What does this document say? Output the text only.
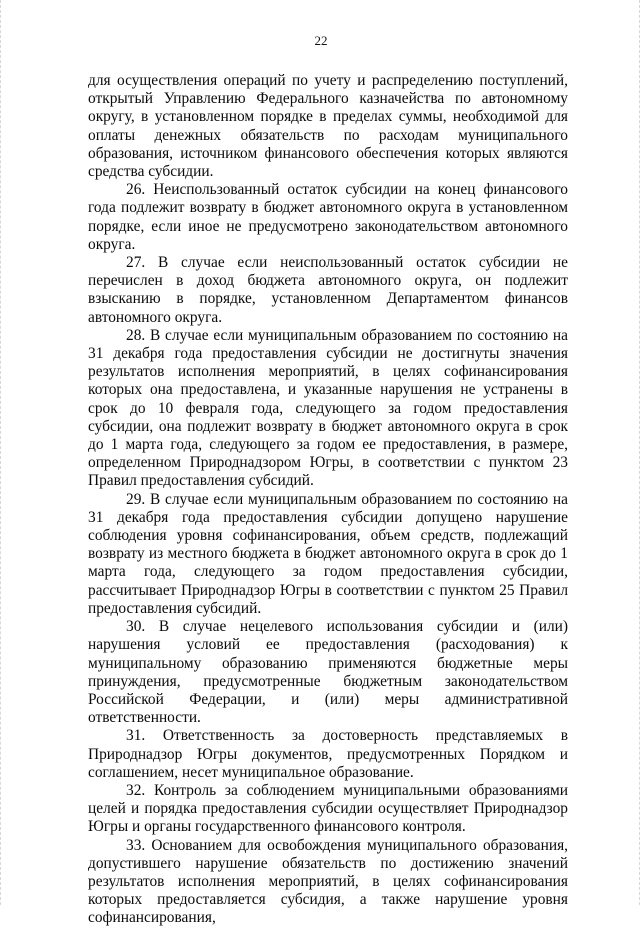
22

для осуществления операций по учету и распределению поступлений, открытый Управлению Федерального казначейства по автономному округу, в установленном порядке в пределах суммы, необходимой для оплаты денежных обязательств по расходам муниципального образования, источником финансового обеспечения которых являются средства субсидии.

26. Неиспользованный остаток субсидии на конец финансового года подлежит возврату в бюджет автономного округа в установленном порядке, если иное не предусмотрено законодательством автономного округа.

27. В случае если неиспользованный остаток субсидии не перечислен в доход бюджета автономного округа, он подлежит взысканию в порядке, установленном Департаментом финансов автономного округа.

28. В случае если муниципальным образованием по состоянию на 31 декабря года предоставления субсидии не достигнуты значения результатов исполнения мероприятий, в целях софинансирования которых она предоставлена, и указанные нарушения не устранены в срок до 10 февраля года, следующего за годом предоставления субсидии, она подлежит возврату в бюджет автономного округа в срок до 1 марта года, следующего за годом ее предоставления, в размере, определенном Природнадзором Югры, в соответствии с пунктом 23 Правил предоставления субсидий.

29. В случае если муниципальным образованием по состоянию на 31 декабря года предоставления субсидии допущено нарушение соблюдения уровня софинансирования, объем средств, подлежащий возврату из местного бюджета в бюджет автономного округа в срок до 1 марта года, следующего за годом предоставления субсидии, рассчитывает Природнадзор Югры в соответствии с пунктом 25 Правил предоставления субсидий.

30. В случае нецелевого использования субсидии и (или) нарушения условий ее предоставления (расходования) к муниципальному образованию применяются бюджетные меры принуждения, предусмотренные бюджетным законодательством Российской Федерации, и (или) меры административной ответственности.

31. Ответственность за достоверность представляемых в Природнадзор Югры документов, предусмотренных Порядком и соглашением, несет муниципальное образование.

32. Контроль за соблюдением муниципальными образованиями целей и порядка предоставления субсидии осуществляет Природнадзор Югры и органы государственного финансового контроля.

33. Основанием для освобождения муниципального образования, допустившего нарушение обязательств по достижению значений результатов исполнения мероприятий, в целях софинансирования которых предоставляется субсидия, а также нарушение уровня софинансирования,
